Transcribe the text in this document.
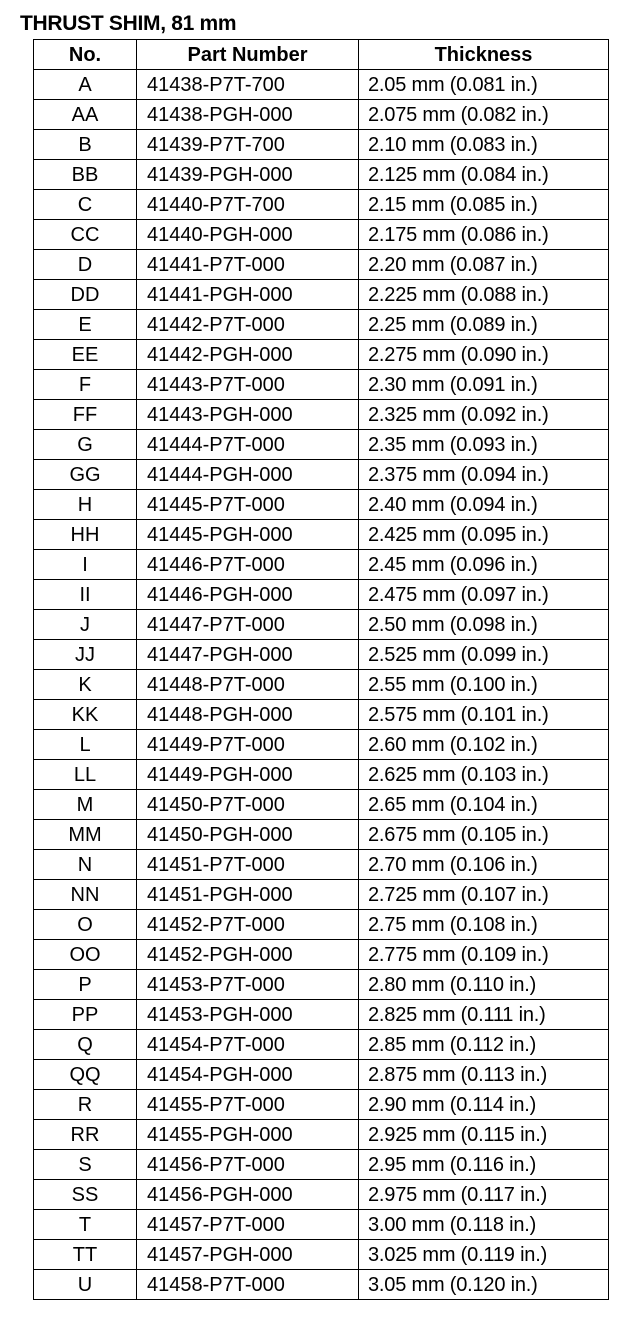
THRUST SHIM, 81 mm
No.	Part Number	Thickness
A	41438-P7T-700	2.05 mm (0.081 in.)
AA	41438-PGH-000	2.075 mm (0.082 in.)
B	41439-P7T-700	2.10 mm (0.083 in.)
BB	41439-PGH-000	2.125 mm (0.084 in.)
C	41440-P7T-700	2.15 mm (0.085 in.)
CC	41440-PGH-000	2.175 mm (0.086 in.)
D	41441-P7T-000	2.20 mm (0.087 in.)
DD	41441-PGH-000	2.225 mm (0.088 in.)
E	41442-P7T-000	2.25 mm (0.089 in.)
EE	41442-PGH-000	2.275 mm (0.090 in.)
F	41443-P7T-000	2.30 mm (0.091 in.)
FF	41443-PGH-000	2.325 mm (0.092 in.)
G	41444-P7T-000	2.35 mm (0.093 in.)
GG	41444-PGH-000	2.375 mm (0.094 in.)
H	41445-P7T-000	2.40 mm (0.094 in.)
HH	41445-PGH-000	2.425 mm (0.095 in.)
I	41446-P7T-000	2.45 mm (0.096 in.)
II	41446-PGH-000	2.475 mm (0.097 in.)
J	41447-P7T-000	2.50 mm (0.098 in.)
JJ	41447-PGH-000	2.525 mm (0.099 in.)
K	41448-P7T-000	2.55 mm (0.100 in.)
KK	41448-PGH-000	2.575 mm (0.101 in.)
L	41449-P7T-000	2.60 mm (0.102 in.)
LL	41449-PGH-000	2.625 mm (0.103 in.)
M	41450-P7T-000	2.65 mm (0.104 in.)
MM	41450-PGH-000	2.675 mm (0.105 in.)
N	41451-P7T-000	2.70 mm (0.106 in.)
NN	41451-PGH-000	2.725 mm (0.107 in.)
O	41452-P7T-000	2.75 mm (0.108 in.)
OO	41452-PGH-000	2.775 mm (0.109 in.)
P	41453-P7T-000	2.80 mm (0.110 in.)
PP	41453-PGH-000	2.825 mm (0.111 in.)
Q	41454-P7T-000	2.85 mm (0.112 in.)
QQ	41454-PGH-000	2.875 mm (0.113 in.)
R	41455-P7T-000	2.90 mm (0.114 in.)
RR	41455-PGH-000	2.925 mm (0.115 in.)
S	41456-P7T-000	2.95 mm (0.116 in.)
SS	41456-PGH-000	2.975 mm (0.117 in.)
T	41457-P7T-000	3.00 mm (0.118 in.)
TT	41457-PGH-000	3.025 mm (0.119 in.)
U	41458-P7T-000	3.05 mm (0.120 in.)
